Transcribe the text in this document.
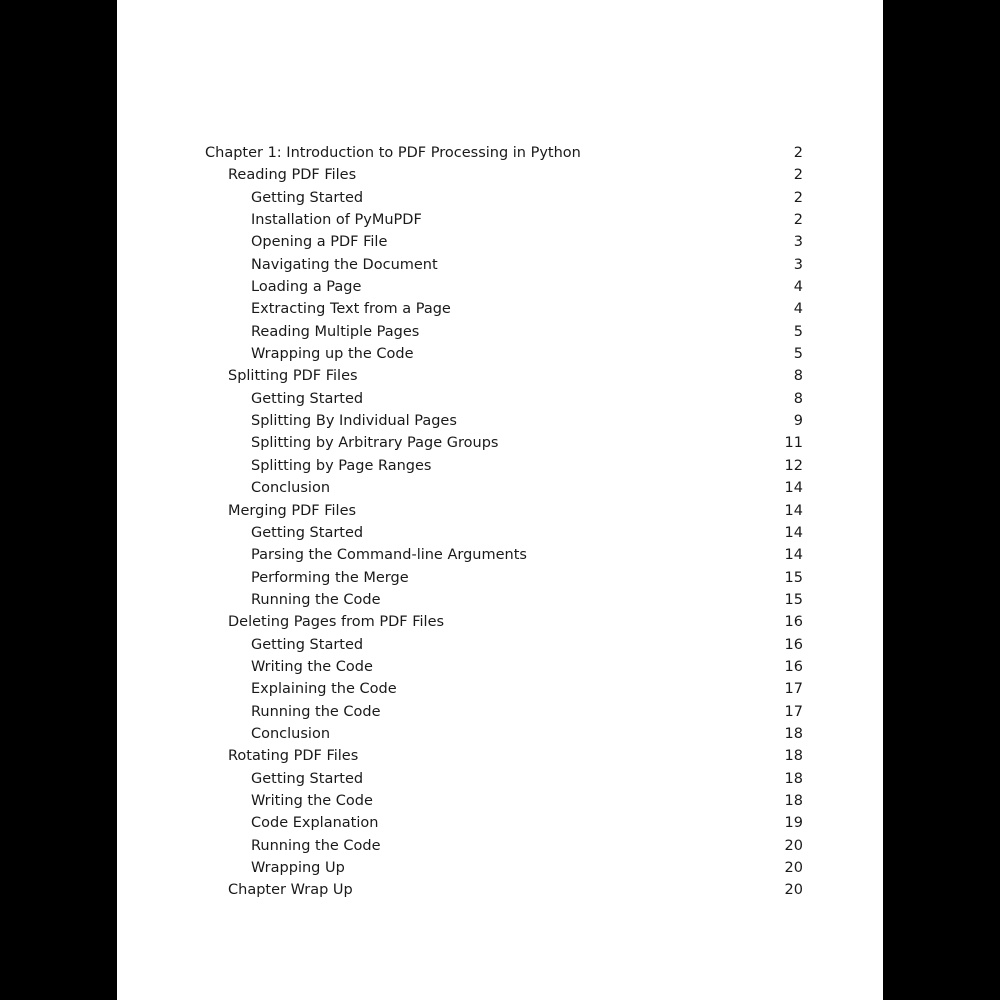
Chapter 1: Introduction to PDF Processing in Python	2
Reading PDF Files	2
Getting Started	2
Installation of PyMuPDF	2
Opening a PDF File	3
Navigating the Document	3
Loading a Page	4
Extracting Text from a Page	4
Reading Multiple Pages	5
Wrapping up the Code	5
Splitting PDF Files	8
Getting Started	8
Splitting By Individual Pages	9
Splitting by Arbitrary Page Groups	11
Splitting by Page Ranges	12
Conclusion	14
Merging PDF Files	14
Getting Started	14
Parsing the Command-line Arguments	14
Performing the Merge	15
Running the Code	15
Deleting Pages from PDF Files	16
Getting Started	16
Writing the Code	16
Explaining the Code	17
Running the Code	17
Conclusion	18
Rotating PDF Files	18
Getting Started	18
Writing the Code	18
Code Explanation	19
Running the Code	20
Wrapping Up	20
Chapter Wrap Up	20
